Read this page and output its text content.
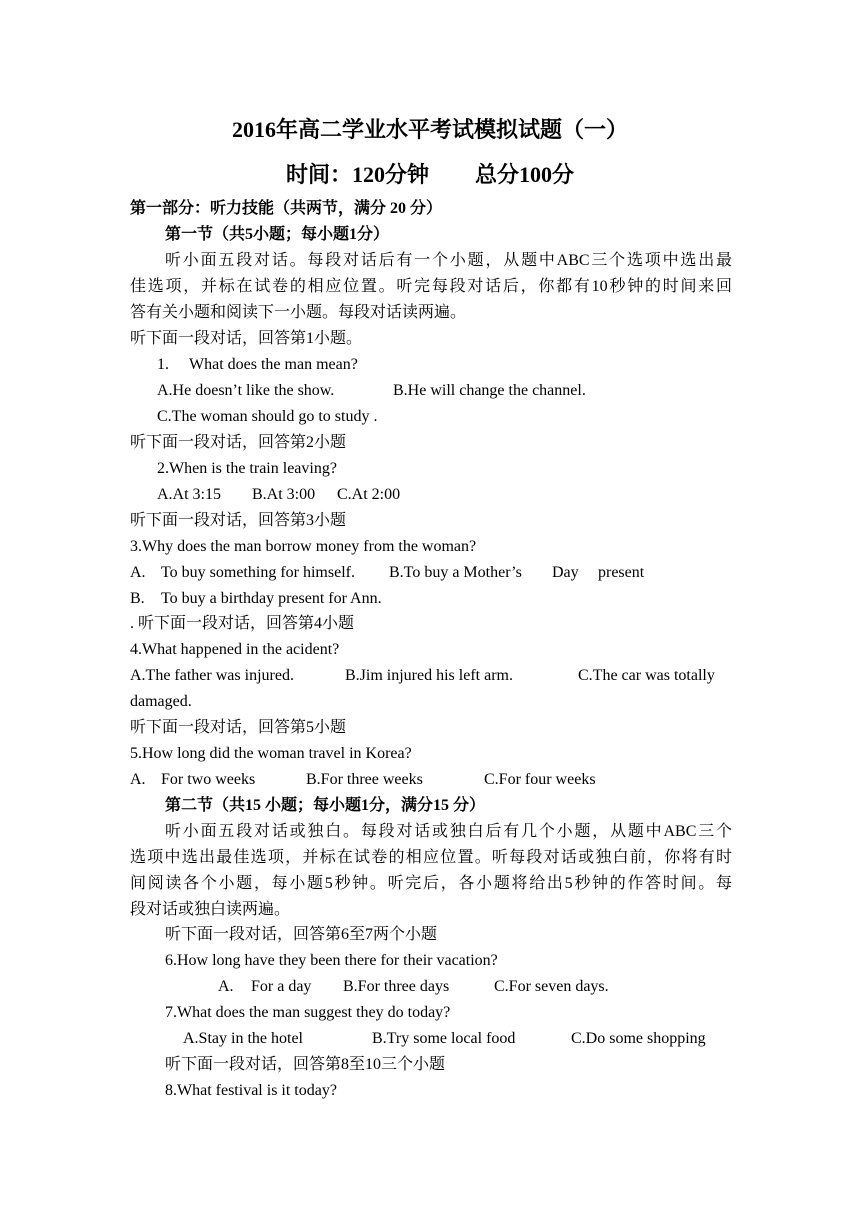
2016年高二学业水平考试模拟试题（一）
时间：120分钟 总分100分
第一部分：听力技能（共两节，满分 20 分）
第一节（共5小题；每小题1分）
听小面五段对话。每段对话后有一个小题，从题中ABC三个选项中选出最
佳选项，并标在试卷的相应位置。听完每段对话后，你都有10秒钟的时间来回
答有关小题和阅读下一小题。每段对话读两遍。
听下面一段对话，回答第1小题。
1. What does the man mean?
A.He doesn’t like the show.	B.He will change the channel.
C.The woman should go to study .
听下面一段对话，回答第2小题
2.When is the train leaving?
A.At 3:15 B.At 3:00 C.At 2:00
听下面一段对话，回答第3小题
3.Why does the man borrow money from the woman?
A. To buy something for himself. B.To buy a Mother’s Day present
B. To buy a birthday present for Ann.
. 听下面一段对话，回答第4小题
4.What happened in the acident?
A.The father was injured.	B.Jim injured his left arm.	C.The car was totally
damaged.
听下面一段对话，回答第5小题
5.How long did the woman travel in Korea?
A. For two weeks	B.For three weeks	C.For four weeks
第二节（共15 小题；每小题1分，满分15 分）
听小面五段对话或独白。每段对话或独白后有几个小题，从题中ABC三个
选项中选出最佳选项，并标在试卷的相应位置。听每段对话或独白前，你将有时
间阅读各个小题，每小题5秒钟。听完后，各小题将给出5秒钟的作答时间。每
段对话或独白读两遍。
听下面一段对话，回答第6至7两个小题
6.How long have they been there for their vacation?
A. For a day B.For three days	C.For seven days.
7.What does the man suggest they do today?
A.Stay in the hotel	B.Try some local food	C.Do some shopping
听下面一段对话，回答第8至10三个小题
8.What festival is it today?
